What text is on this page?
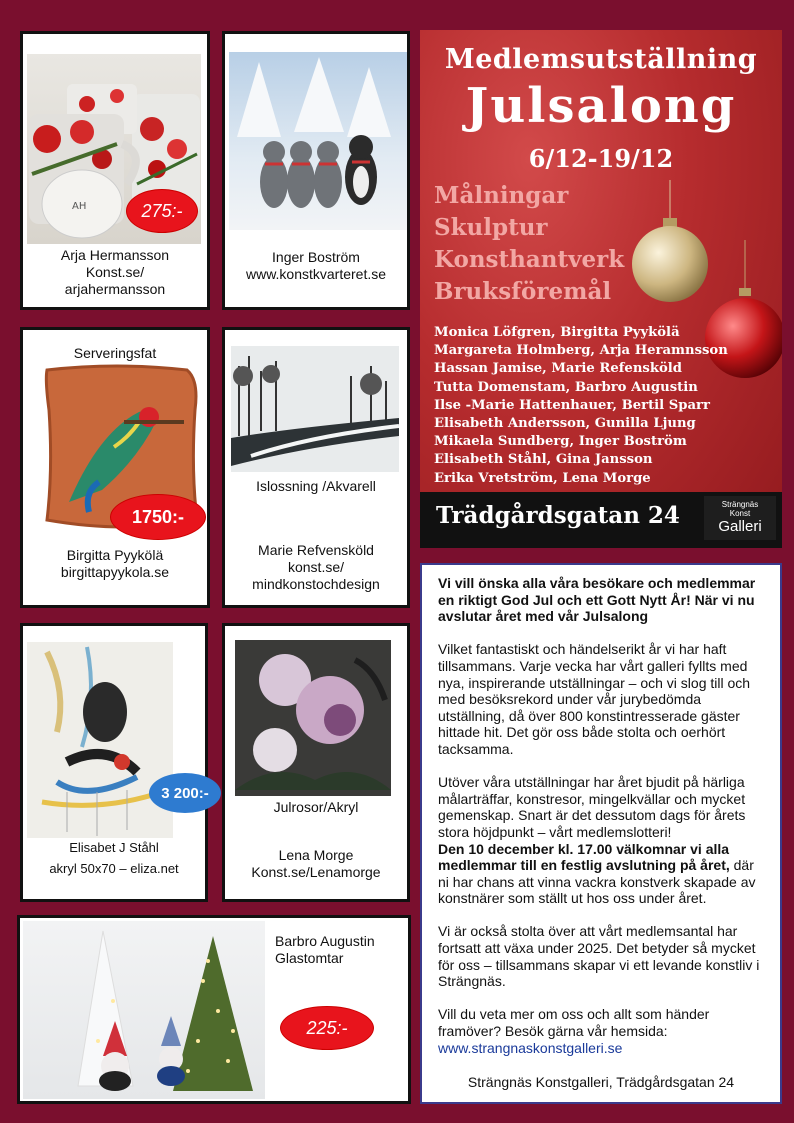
AH	275:-
Arja Hermansson
Konst.se/
arjahermansson
Inger Boström
www.konstkvarteret.se
Serveringsfat
1750:-
Birgitta Pyykölä
birgittapyykola.se
Islossning /Akvarell
Marie Refvensköld
konst.se/
mindkonstochdesign
3 200:-
Elisabet J Ståhl
akryl 50x70 – eliza.net
Julrosor/Akryl
Lena Morge
Konst.se/Lenamorge
Barbro Augustin
Glastomtar
225:-
Medlemsutställning
Julsalong
6/12-19/12
Målningar
Skulptur
Konsthantverk
Bruksföremål
Monica Löfgren, Birgitta Pyykölä
Margareta Holmberg, Arja Heramnsson
Hassan Jamise, Marie Refensköld
Tutta Domenstam, Barbro Augustin
Ilse -Marie Hattenhauer, Bertil Sparr
Elisabeth Andersson, Gunilla Ljung
Mikaela Sundberg, Inger Boström
Elisabeth Ståhl, Gina Jansson
Erika Vretström, Lena Morge
Trädgårdsgatan 24	Strängnäs
Konst
Galleri

Vi vill önska alla våra besökare och medlemmar en riktigt God Jul och ett Gott Nytt År! När vi nu avslutar året med vår Julsalong

Vilket fantastiskt och händelserikt år vi har haft tillsammans. Varje vecka har vårt galleri fyllts med nya, inspirerande utställningar – och vi slog till och med besöksrekord under vår jurybedömda utställning, då över 800 konstintresserade gäster hittade hit. Det gör oss både stolta och oerhört tacksamma.

Utöver våra utställningar har året bjudit på härliga målarträffar, konstresor, mingelkvällar och mycket gemenskap. Snart är det dessutom dags för årets stora höjdpunkt – vårt medlemslotteri!

Den 10 december kl. 17.00 välkomnar vi alla medlemmar till en festlig avslutning på året, där ni har chans att vinna vackra konstverk skapade av konstnärer som ställt ut hos oss under året.

Vi är också stolta över att vårt medlemsantal har fortsatt att växa under 2025. Det betyder så mycket för oss – tillsammans skapar vi ett levande konstliv i Strängnäs.

Vill du veta mer om oss och allt som händer framöver? Besök gärna vår hemsida:
www.strangnaskonstgalleri.se

Strängnäs Konstgalleri, Trädgårdsgatan 24
